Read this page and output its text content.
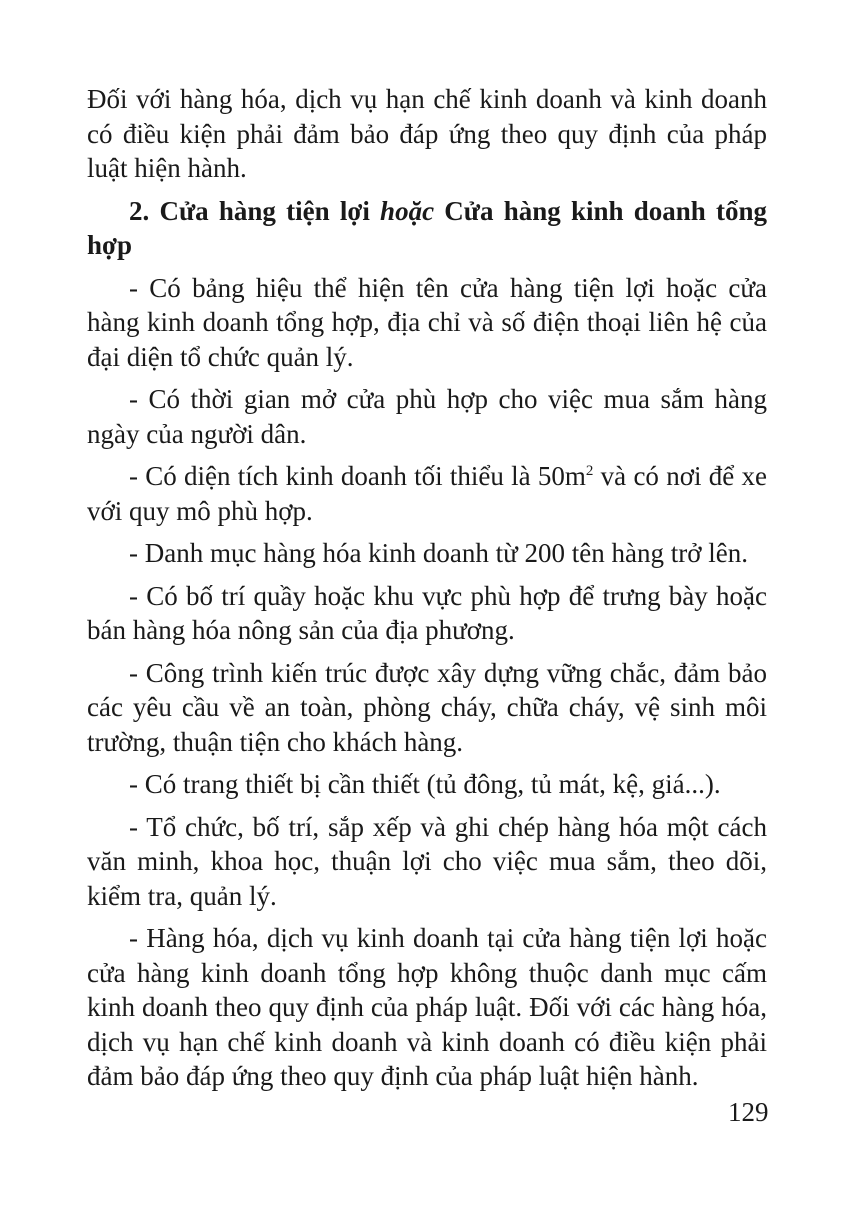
Đối với hàng hóa, dịch vụ hạn chế kinh doanh và kinh doanh có điều kiện phải đảm bảo đáp ứng theo quy định của pháp luật hiện hành.

2. Cửa hàng tiện lợi hoặc Cửa hàng kinh doanh tổng hợp

- Có bảng hiệu thể hiện tên cửa hàng tiện lợi hoặc cửa hàng kinh doanh tổng hợp, địa chỉ và số điện thoại liên hệ của đại diện tổ chức quản lý.

- Có thời gian mở cửa phù hợp cho việc mua sắm hàng ngày của người dân.

- Có diện tích kinh doanh tối thiểu là $50m^2$ và có nơi để xe với quy mô phù hợp.

- Danh mục hàng hóa kinh doanh từ 200 tên hàng trở lên.

- Có bố trí quầy hoặc khu vực phù hợp để trưng bày hoặc bán hàng hóa nông sản của địa phương.

- Công trình kiến trúc được xây dựng vững chắc, đảm bảo các yêu cầu về an toàn, phòng cháy, chữa cháy, vệ sinh môi trường, thuận tiện cho khách hàng.

- Có trang thiết bị cần thiết (tủ đông, tủ mát, kệ, giá...).

- Tổ chức, bố trí, sắp xếp và ghi chép hàng hóa một cách văn minh, khoa học, thuận lợi cho việc mua sắm, theo dõi, kiểm tra, quản lý.

- Hàng hóa, dịch vụ kinh doanh tại cửa hàng tiện lợi hoặc cửa hàng kinh doanh tổng hợp không thuộc danh mục cấm kinh doanh theo quy định của pháp luật. Đối với các hàng hóa, dịch vụ hạn chế kinh doanh và kinh doanh có điều kiện phải đảm bảo đáp ứng theo quy định của pháp luật hiện hành.

129
